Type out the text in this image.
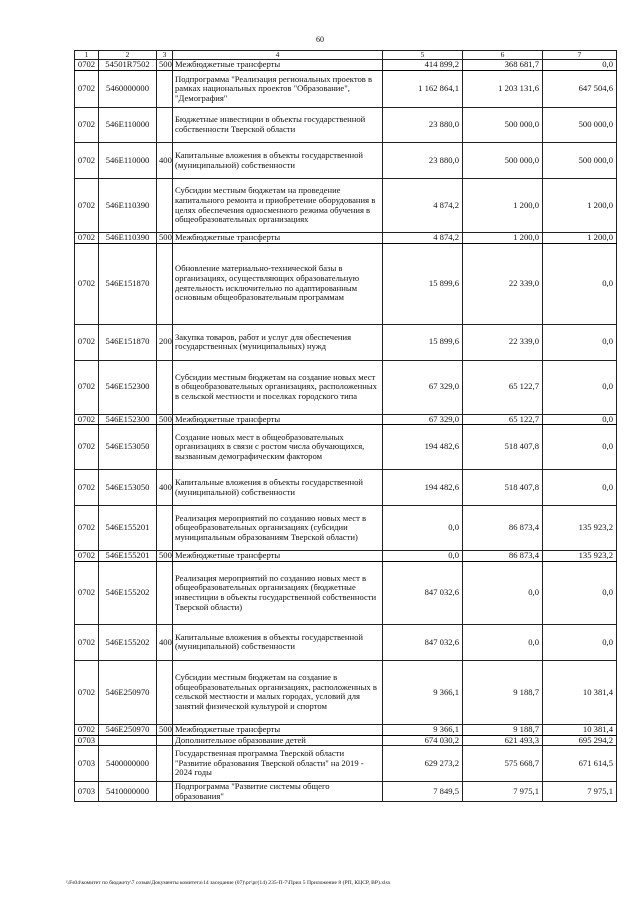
60
1	2	3	4	5	6	7
0702	54501R7502	500	Межбюджетные трансферты	414 899,2	368 681,7	0,0
0702	5460000000		Подпрограмма "Реализация региональных проектов в рамках национальных проектов "Образование", "Демография"	1 162 864,1	1 203 131,6	647 504,6
0702	546E110000		Бюджетные инвестиции в объекты государственной собственности Тверской области	23 880,0	500 000,0	500 000,0
0702	546E110000	400	Капитальные вложения в объекты государственной (муниципальной) собственности	23 880,0	500 000,0	500 000,0
0702	546E110390		Субсидии местным бюджетам на проведение капитального ремонта и приобретение оборудования в целях обеспечения односменного режима обучения в общеобразовательных организациях	4 874,2	1 200,0	1 200,0
0702	546E110390	500	Межбюджетные трансферты	4 874,2	1 200,0	1 200,0
0702	546E151870		Обновление материально-технической базы в организациях, осуществляющих образовательную деятельность исключительно по адаптированным основным общеобразовательным программам	15 899,6	22 339,0	0,0
0702	546E151870	200	Закупка товаров, работ и услуг для обеспечения государственных (муниципальных) нужд	15 899,6	22 339,0	0,0
0702	546E152300		Субсидии местным бюджетам на создание новых мест в общеобразовательных организациях, расположенных в сельской местности и поселках городского типа	67 329,0	65 122,7	0,0
0702	546E152300	500	Межбюджетные трансферты	67 329,0	65 122,7	0,0
0702	546E153050		Создание новых мест в общеобразовательных организациях в связи с ростом числа обучающихся, вызванным демографическим фактором	194 482,6	518 407,8	0,0
0702	546E153050	400	Капитальные вложения в объекты государственной (муниципальной) собственности	194 482,6	518 407,8	0,0
0702	546E155201		Реализация мероприятий по созданию новых мест в общеобразовательных организациях (субсидии муниципальным образованиям Тверской области)	0,0	86 873,4	135 923,2
0702	546E155201	500	Межбюджетные трансферты	0,0	86 873,4	135 923,2
0702	546E155202		Реализация мероприятий по созданию новых мест в общеобразовательных организациях (бюджетные инвестиции в объекты государственной собственности Тверской области)	847 032,6	0,0	0,0
0702	546E155202	400	Капитальные вложения в объекты государственной (муниципальной) собственности	847 032,6	0,0	0,0
0702	546E250970		Субсидии местным бюджетам на создание в общеобразовательных организациях, расположенных в сельской местности и малых городах, условий для занятий физической культурой и спортом	9 366,1	9 188,7	10 381,4
0702	546E250970	500	Межбюджетные трансферты	9 366,1	9 188,7	10 381,4
0703			Дополнительное образование детей	674 030,2	621 493,3	695 294,2
0703	5400000000		Государственная программа Тверской области "Развитие образования Тверской области" на 2019 - 2024 годы	629 273,2	575 668,7	671 614,5
0703	5410000000		Подпрограмма "Развитие системы общего образования"	7 849,5	7 975,1	7 975,1
\\Fs04\комитет по бюджету\7 созыв\Документы комитета\14 заседание (07)\рг\рг(14) 235-П-7\Прил 5 Приложение 8 (РП, КЦСР, ВР).xlsx
